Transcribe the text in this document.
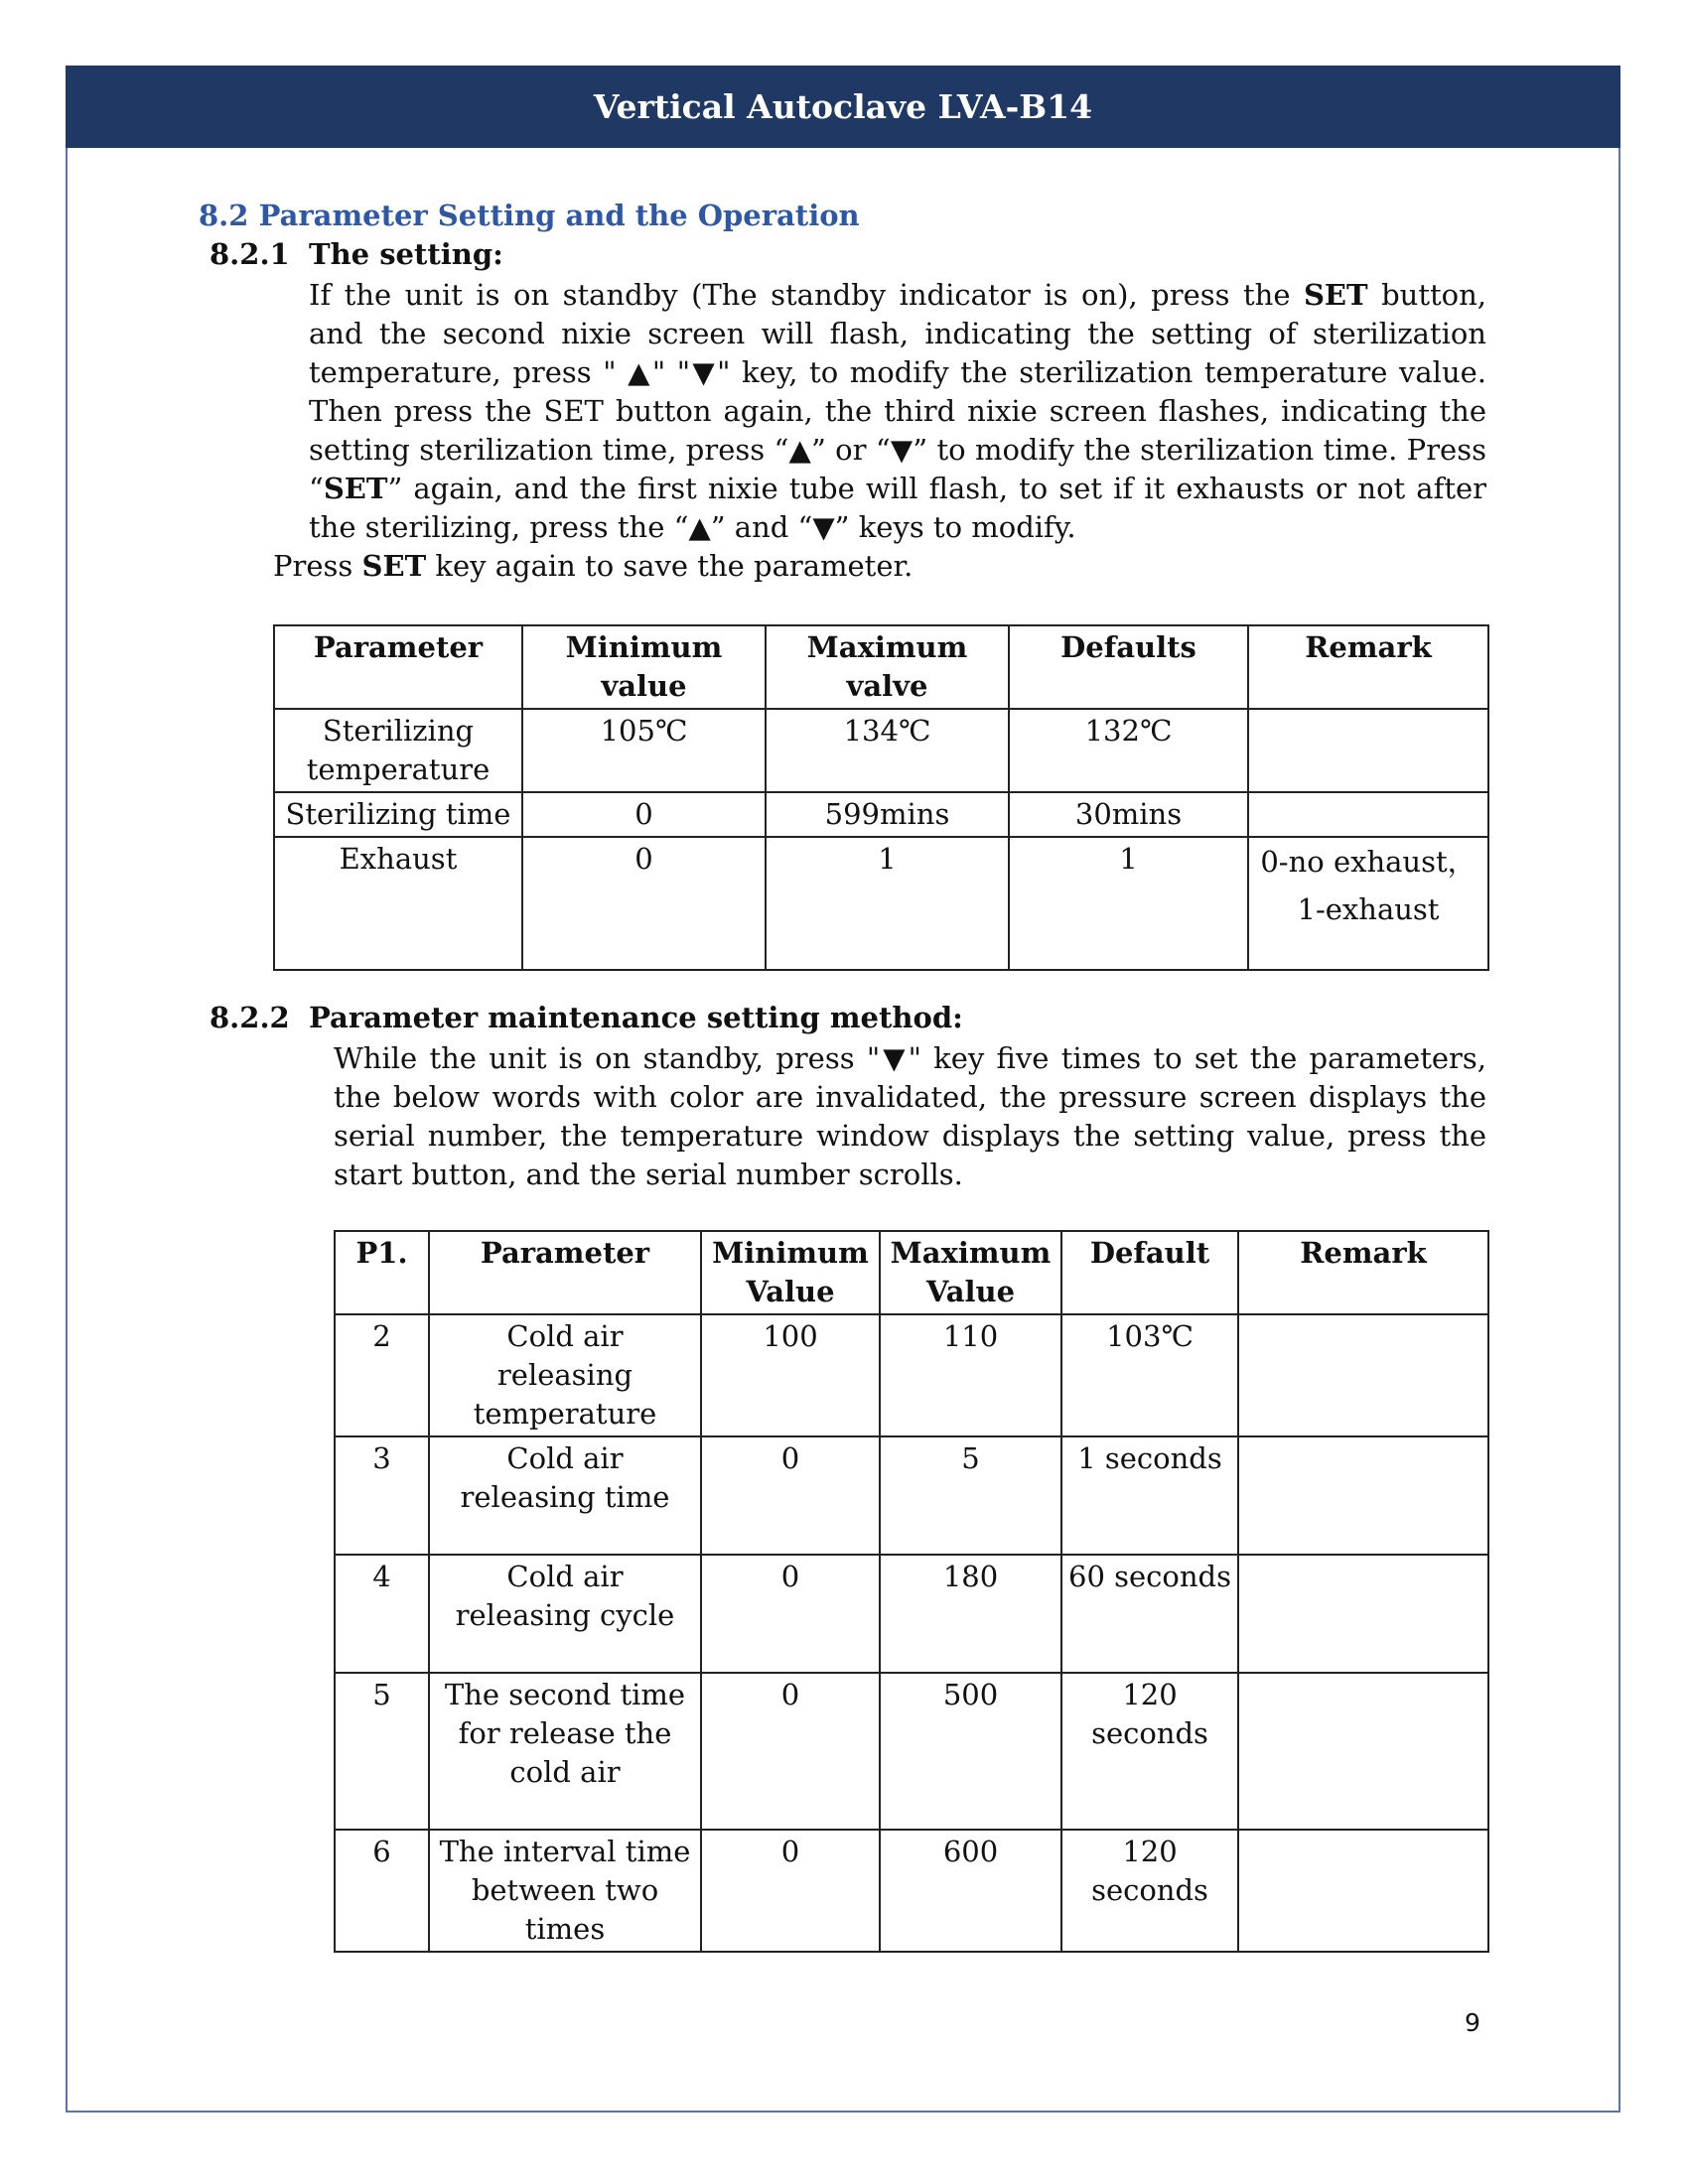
Vertical Autoclave LVA-B14
8.2 Parameter Setting and the Operation
8.2.1 The setting:

If the unit is on standby (The standby indicator is on), press the SET button, and the second nixie screen will flash, indicating the setting of sterilization temperature, press " ▲" "▼" key, to modify the sterilization temperature value. Then press the SET button again, the third nixie screen flashes, indicating the setting sterilization time, press “▲” or “▼” to modify the sterilization time. Press “SET” again, and the first nixie tube will flash, to set if it exhausts or not after the sterilizing, press the “▲” and “▼” keys to modify.

Press SET key again to save the parameter.

Parameter	Minimum value	Maximum valve	Defaults	Remark
Sterilizing temperature	105℃	134℃	132℃	
Sterilizing time	0	599mins	30mins	
Exhaust	0	1	1	0-no exhaust，1-exhaust
8.2.2 Parameter maintenance setting method:

While the unit is on standby, press "▼" key five times to set the parameters, the below words with color are invalidated, the pressure screen displays the serial number, the temperature window displays the setting value, press the start button, and the serial number scrolls.

P1.	Parameter	Minimum Value	Maximum Value	Default	Remark
2	Cold air releasing temperature	100	110	103℃	
3	Cold air releasing time	0	5	1 seconds	
4	Cold air releasing cycle	0	180	60 seconds	
5	The second time for release the cold air	0	500	120 seconds	
6	The interval time between two times	0	600	120 seconds	
9
